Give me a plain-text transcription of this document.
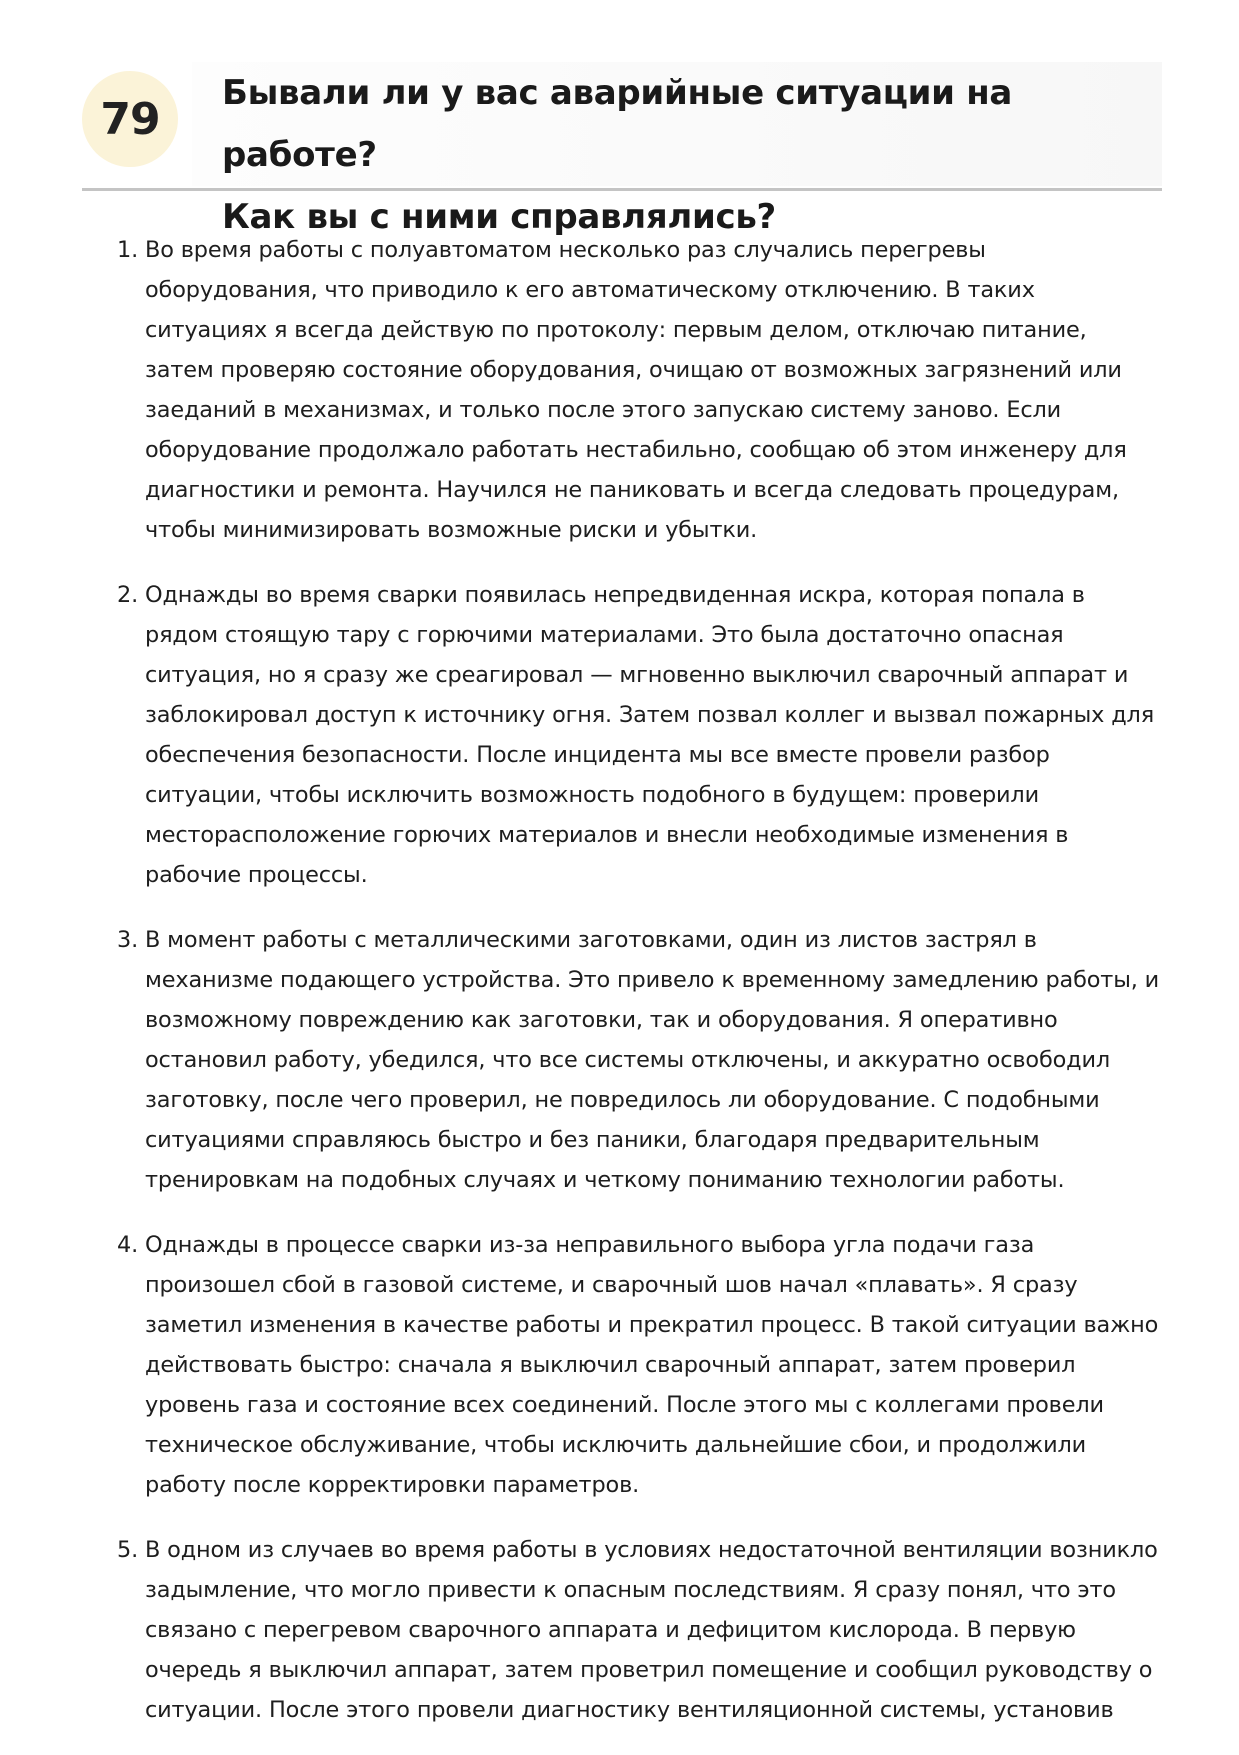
79
Бывали ли у вас аварийные ситуации на работе?
Как вы с ними справлялись?
1. Во время работы с полуавтоматом несколько раз случались перегревы оборудования, что приводило к его автоматическому отключению. В таких ситуациях я всегда действую по протоколу: первым делом, отключаю питание, затем проверяю состояние оборудования, очищаю от возможных загрязнений или заеданий в механизмах, и только после этого запускаю систему заново. Если оборудование продолжало работать нестабильно, сообщаю об этом инженеру для диагностики и ремонта. Научился не паниковать и всегда следовать процедурам, чтобы минимизировать возможные риски и убытки.
2. Однажды во время сварки появилась непредвиденная искра, которая попала в рядом стоящую тару с горючими материалами. Это была достаточно опасная ситуация, но я сразу же среагировал — мгновенно выключил сварочный аппарат и заблокировал доступ к источнику огня. Затем позвал коллег и вызвал пожарных для обеспечения безопасности. После инцидента мы все вместе провели разбор ситуации, чтобы исключить возможность подобного в будущем: проверили месторасположение горючих материалов и внесли необходимые изменения в рабочие процессы.
3. В момент работы с металлическими заготовками, один из листов застрял в механизме подающего устройства. Это привело к временному замедлению работы, и возможному повреждению как заготовки, так и оборудования. Я оперативно остановил работу, убедился, что все системы отключены, и аккуратно освободил заготовку, после чего проверил, не повредилось ли оборудование. С подобными ситуациями справляюсь быстро и без паники, благодаря предварительным тренировкам на подобных случаях и четкому пониманию технологии работы.
4. Однажды в процессе сварки из-за неправильного выбора угла подачи газа произошел сбой в газовой системе, и сварочный шов начал «плавать». Я сразу заметил изменения в качестве работы и прекратил процесс. В такой ситуации важно действовать быстро: сначала я выключил сварочный аппарат, затем проверил уровень газа и состояние всех соединений. После этого мы с коллегами провели техническое обслуживание, чтобы исключить дальнейшие сбои, и продолжили работу после корректировки параметров.
5. В одном из случаев во время работы в условиях недостаточной вентиляции возникло задымление, что могло привести к опасным последствиям. Я сразу понял, что это связано с перегревом сварочного аппарата и дефицитом кислорода. В первую очередь я выключил аппарат, затем проветрил помещение и сообщил руководству о ситуации. После этого провели диагностику вентиляционной системы, установив
